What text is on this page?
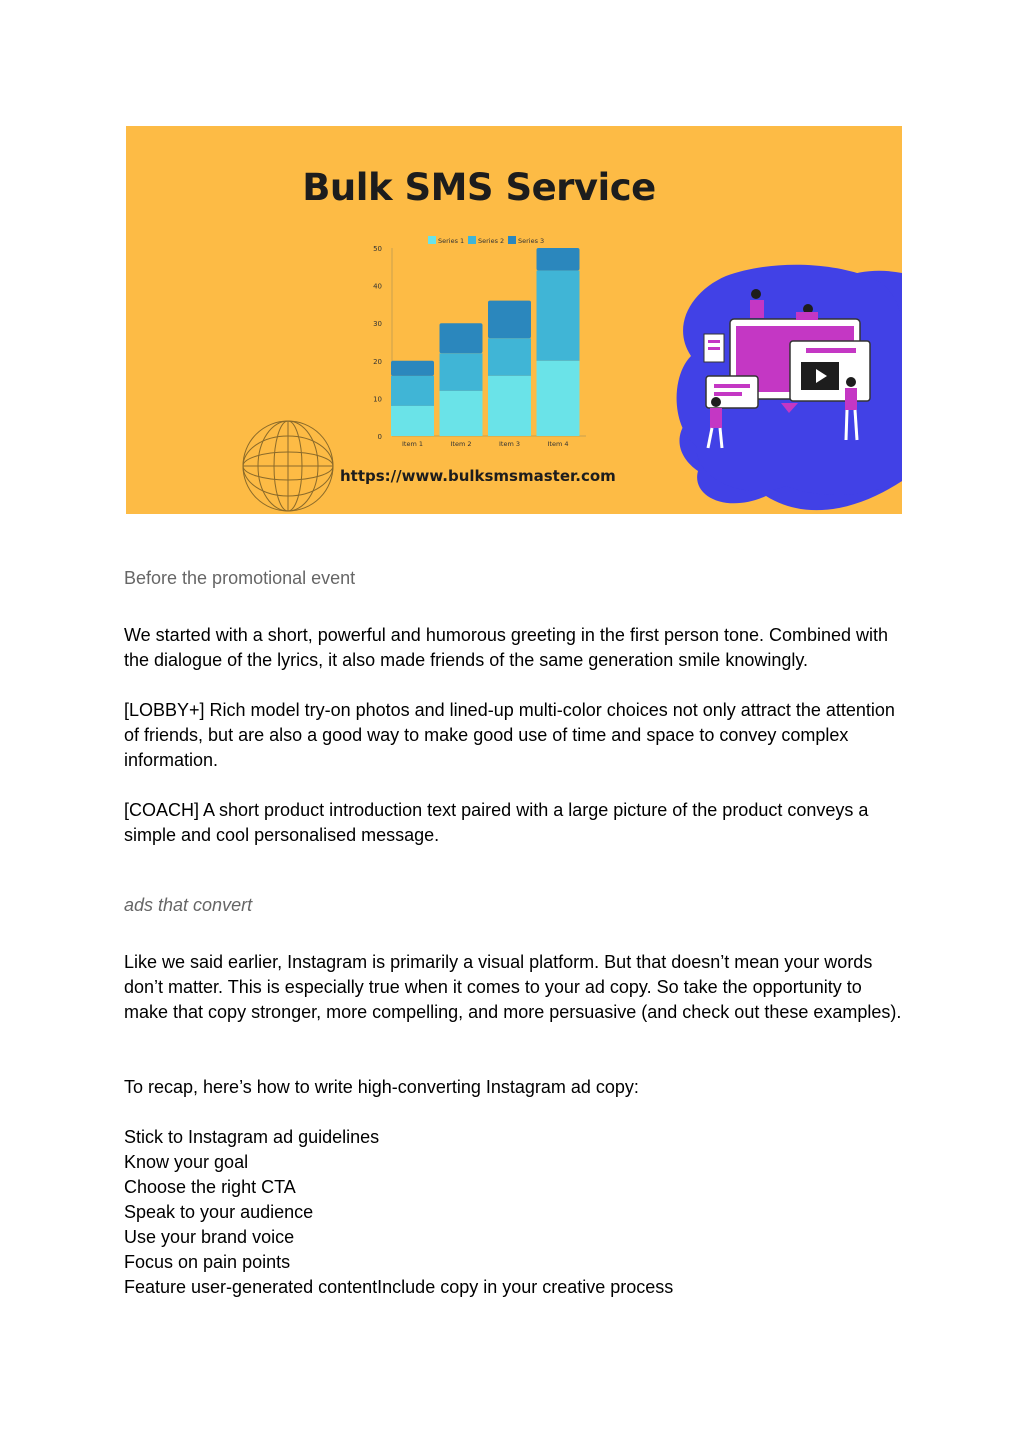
Bulk SMS Service
0
10
20
30
40
50
Item 1	Item 2	Item 3	Item 4
Series 1 Series 2 Series 3
https://www.bulksmsmaster.com

Before the promotional event

We started with a short, powerful and humorous greeting in the first person tone. Combined with the dialogue of the lyrics, it also made friends of the same generation smile knowingly.

[LOBBY+] Rich model try-on photos and lined-up multi-color choices not only attract the attention of friends, but are also a good way to make good use of time and space to convey complex information.

[COACH] A short product introduction text paired with a large picture of the product conveys a simple and cool personalised message.

ads that convert

Like we said earlier, Instagram is primarily a visual platform. But that doesn’t mean your words don’t matter. This is especially true when it comes to your ad copy. So take the opportunity to make that copy stronger, more compelling, and more persuasive (and check out these examples).

To recap, here’s how to write high-converting Instagram ad copy:

Stick to Instagram ad guidelines
Know your goal
Choose the right CTA
Speak to your audience
Use your brand voice
Focus on pain points
Feature user-generated contentInclude copy in your creative process
